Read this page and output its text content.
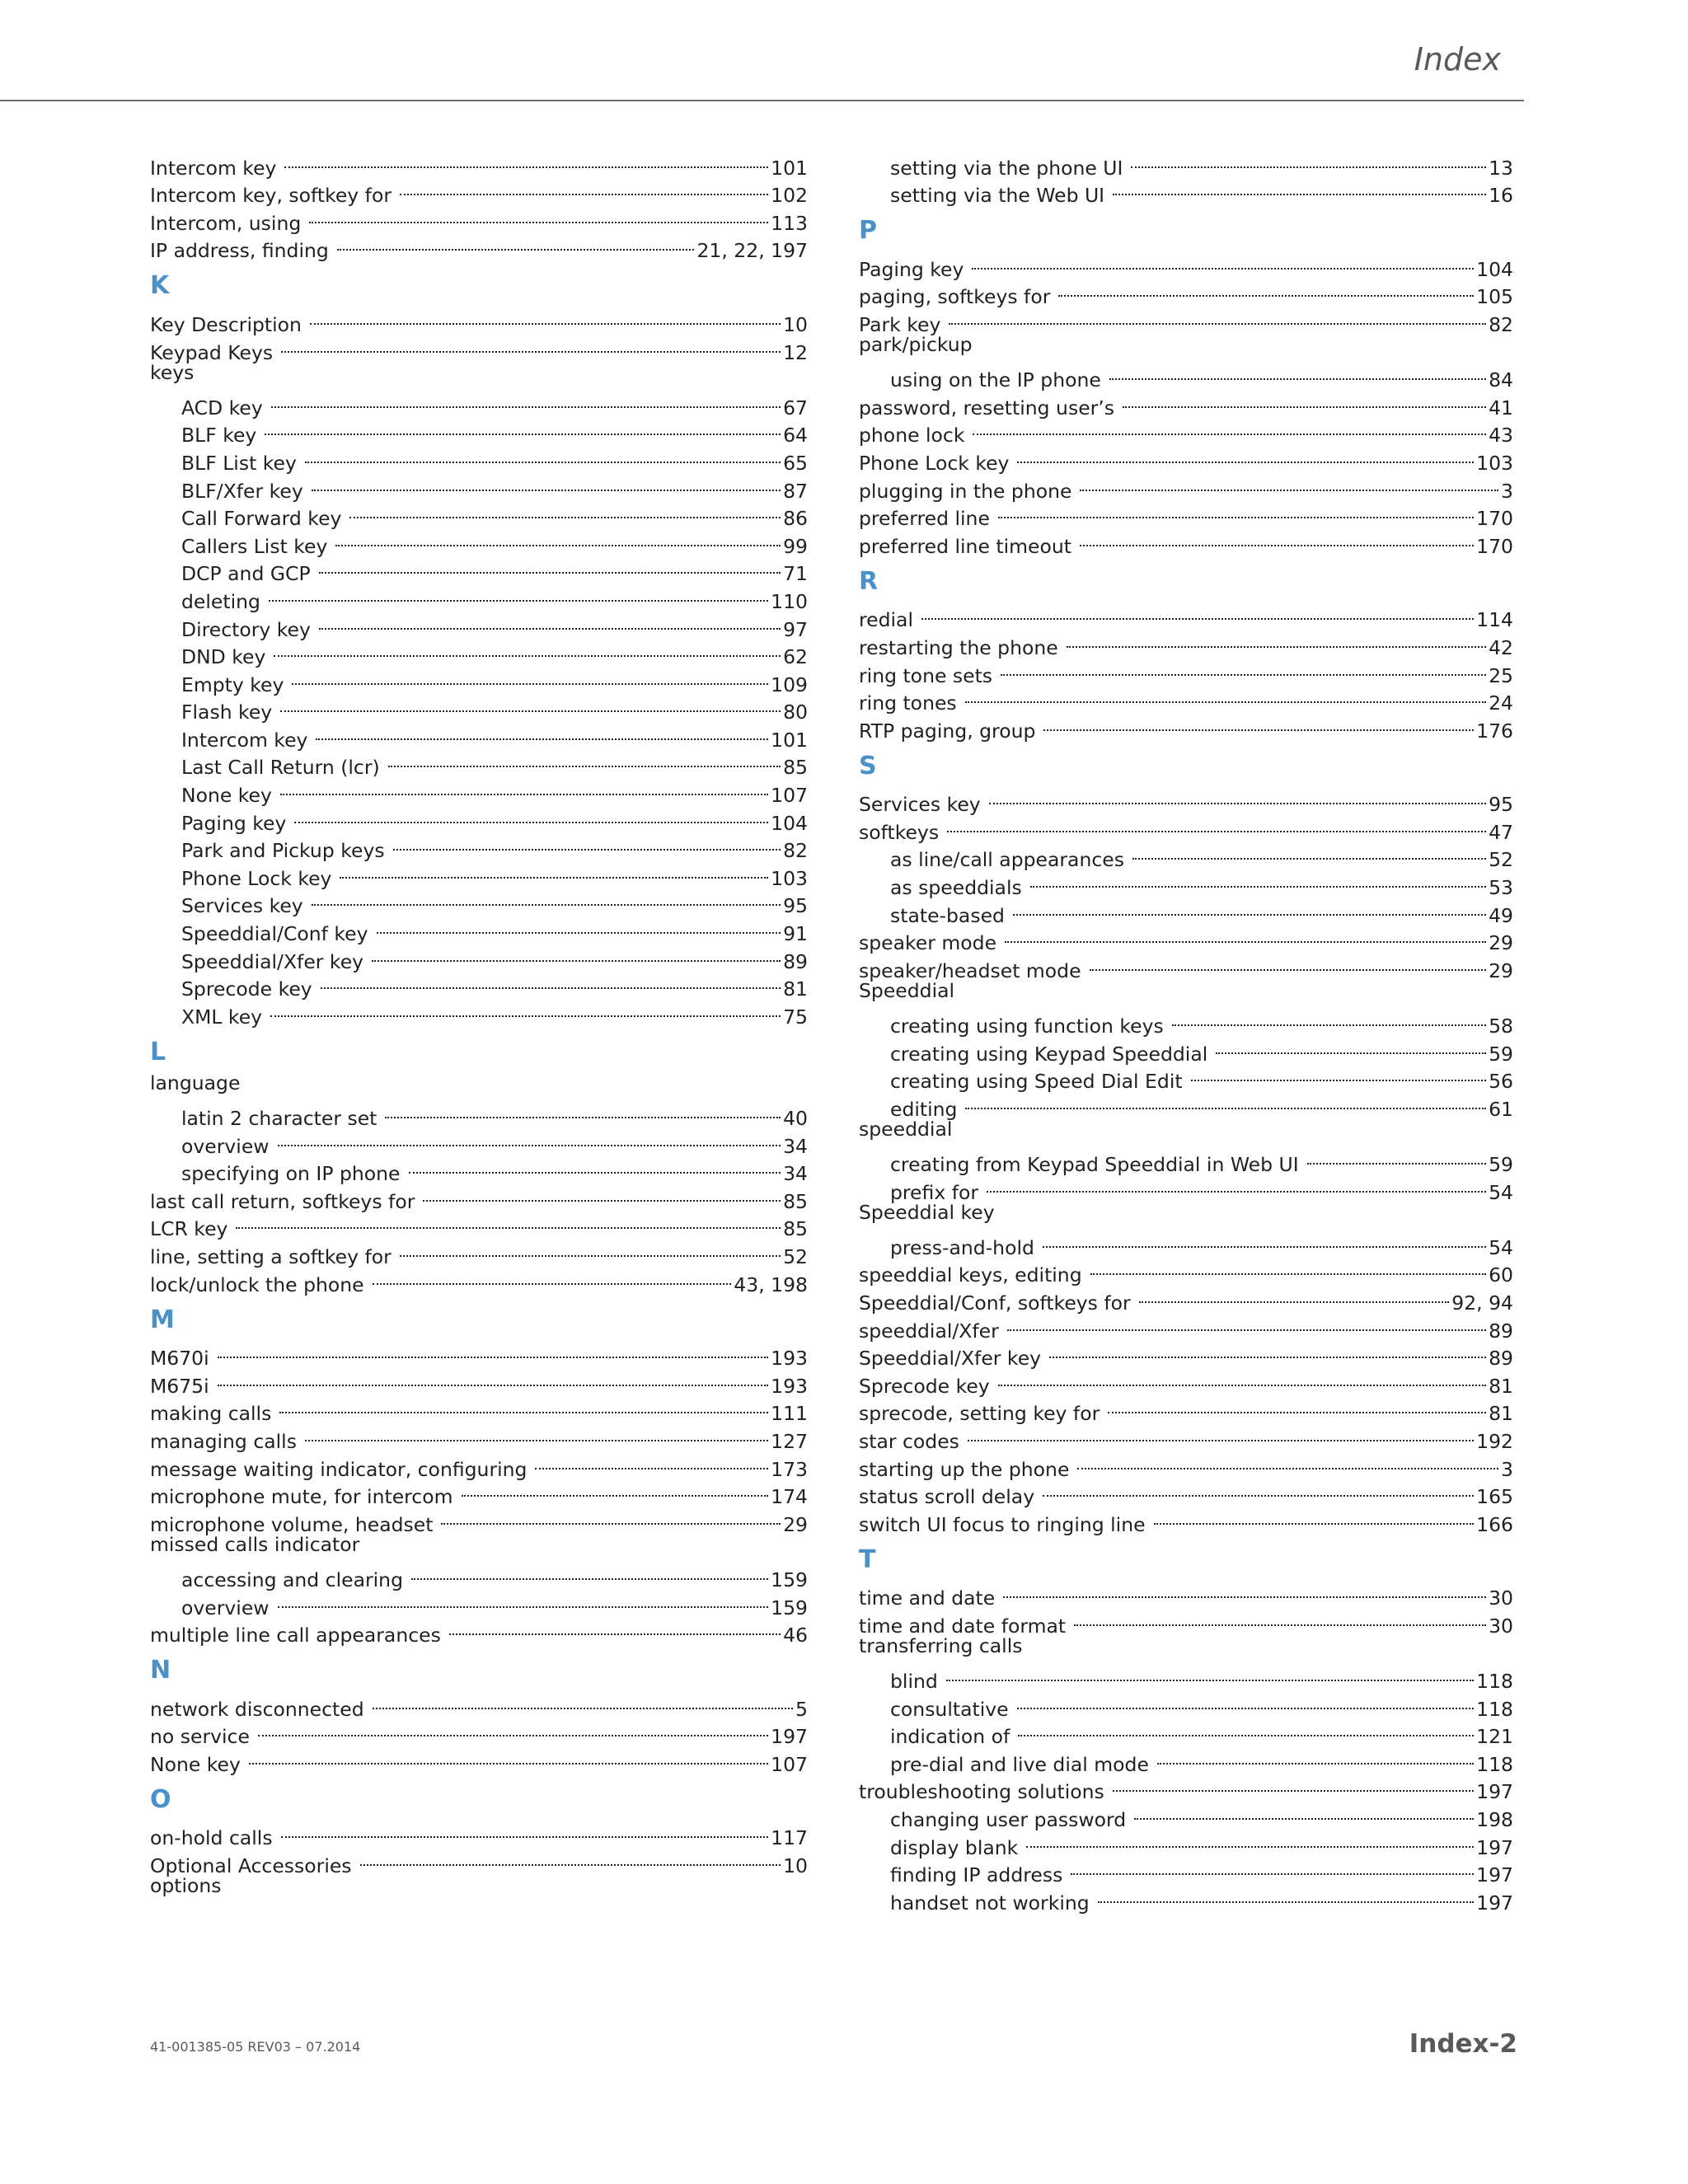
Index
Intercom key	101
Intercom key, softkey for	102
Intercom, using	113
IP address, finding	21, 22, 197
K
Key Description	10
Keypad Keys	12
keys
ACD key	67
BLF key	64
BLF List key	65
BLF/Xfer key	87
Call Forward key	86
Callers List key	99
DCP and GCP	71
deleting	110
Directory key	97
DND key	62
Empty key	109
Flash key	80
Intercom key	101
Last Call Return (lcr)	85
None key	107
Paging key	104
Park and Pickup keys	82
Phone Lock key	103
Services key	95
Speeddial/Conf key	91
Speeddial/Xfer key	89
Sprecode key	81
XML key	75
L
language
latin 2 character set	40
overview	34
specifying on IP phone	34
last call return, softkeys for	85
LCR key	85
line, setting a softkey for	52
lock/unlock the phone	43, 198
M
M670i	193
M675i	193
making calls	111
managing calls	127
message waiting indicator, configuring	173
microphone mute, for intercom	174
microphone volume, headset	29
missed calls indicator
accessing and clearing	159
overview	159
multiple line call appearances	46
N
network disconnected	5
no service	197
None key	107
O
on-hold calls	117
Optional Accessories	10
options
setting via the phone UI	13
setting via the Web UI	16
P
Paging key	104
paging, softkeys for	105
Park key	82
park/pickup
using on the IP phone	84
password, resetting user’s	41
phone lock	43
Phone Lock key	103
plugging in the phone	3
preferred line	170
preferred line timeout	170
R
redial	114
restarting the phone	42
ring tone sets	25
ring tones	24
RTP paging, group	176
S
Services key	95
softkeys	47
as line/call appearances	52
as speeddials	53
state-based	49
speaker mode	29
speaker/headset mode	29
Speeddial
creating using function keys	58
creating using Keypad Speeddial	59
creating using Speed Dial Edit	56
editing	61
speeddial
creating from Keypad Speeddial in Web UI	59
prefix for	54
Speeddial key
press-and-hold	54
speeddial keys, editing	60
Speeddial/Conf, softkeys for	92, 94
speeddial/Xfer	89
Speeddial/Xfer key	89
Sprecode key	81
sprecode, setting key for	81
star codes	192
starting up the phone	3
status scroll delay	165
switch UI focus to ringing line	166
T
time and date	30
time and date format	30
transferring calls
blind	118
consultative	118
indication of	121
pre-dial and live dial mode	118
troubleshooting solutions	197
changing user password	198
display blank	197
finding IP address	197
handset not working	197
41-001385-05 REV03 – 07.2014	Index-2
